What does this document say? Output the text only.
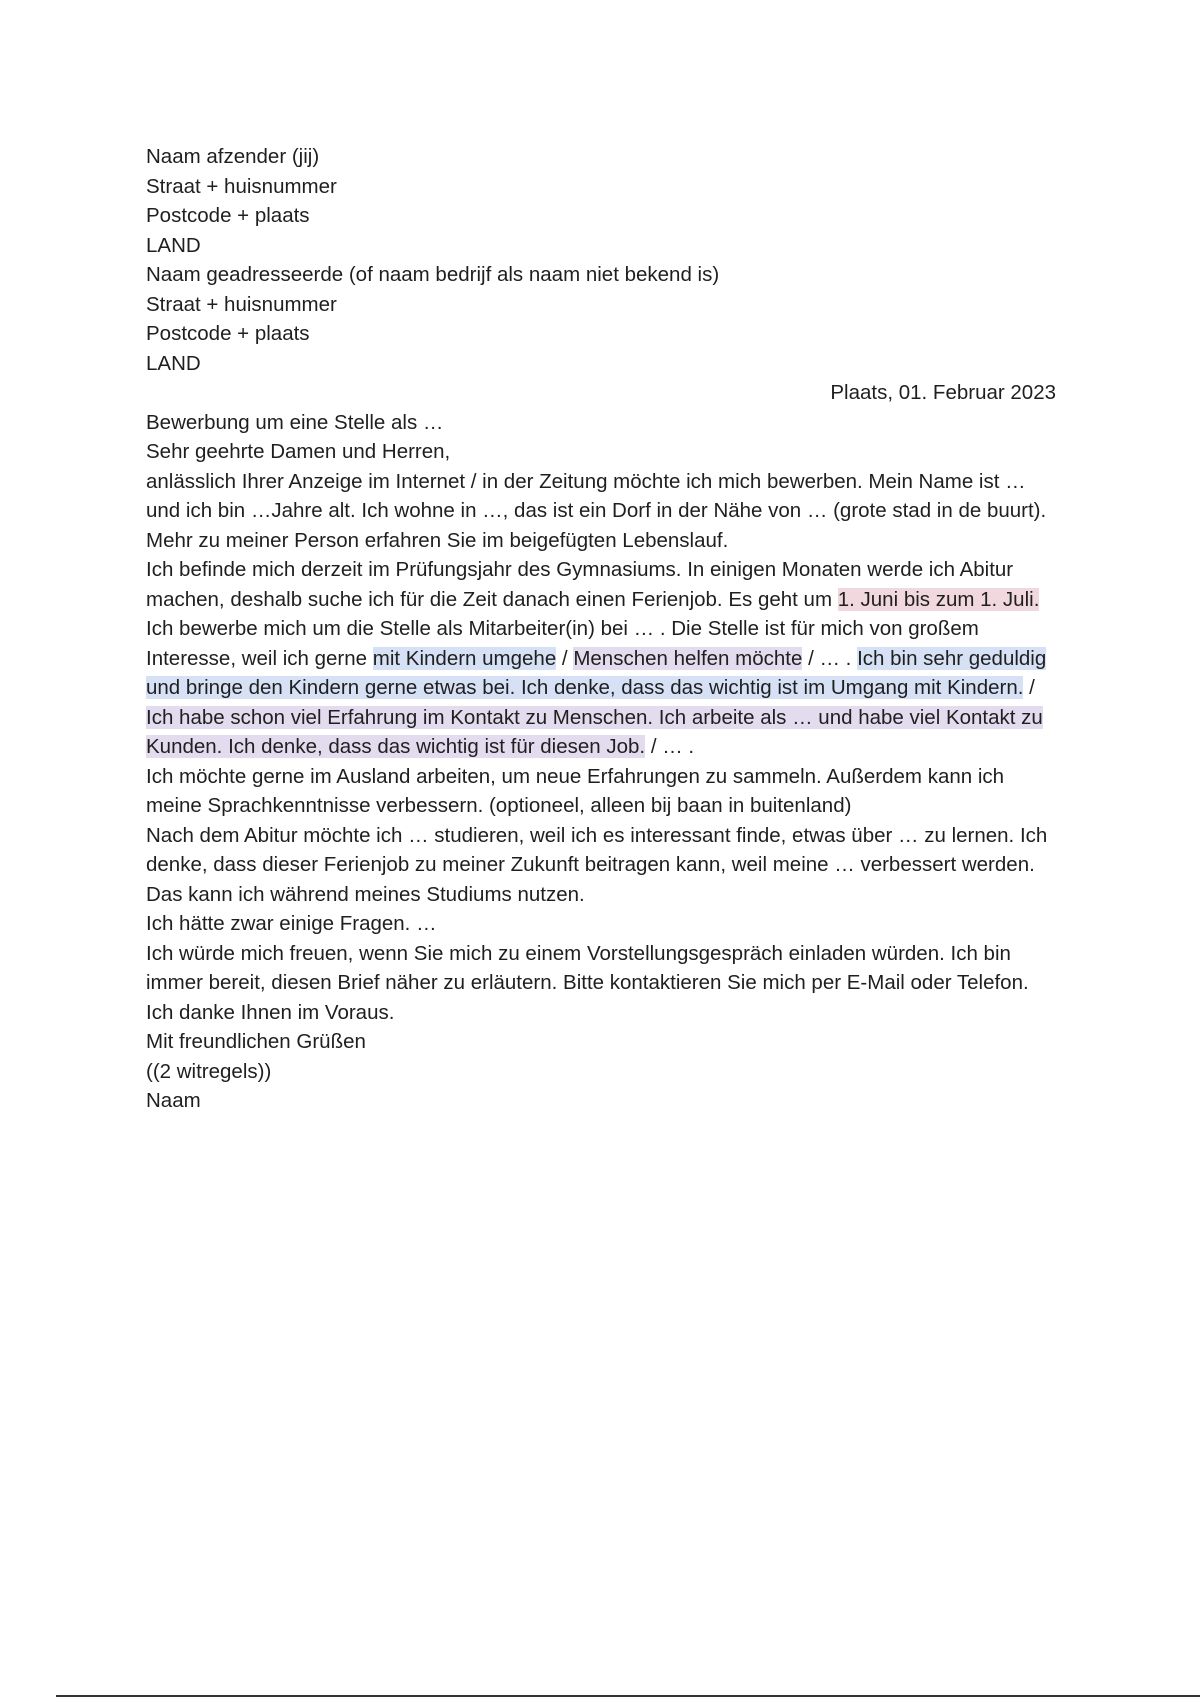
Naam afzender (jij)
Straat + huisnummer
Postcode + plaats
LAND

Naam geadresseerde (of naam bedrijf als naam niet bekend is)
Straat + huisnummer
Postcode + plaats
LAND

Plaats, 01. Februar 2023

Bewerbung um eine Stelle als …

Sehr geehrte Damen und Herren,

anlässlich Ihrer Anzeige im Internet / in der Zeitung möchte ich mich bewerben. Mein Name ist … und ich bin …Jahre alt. Ich wohne in …, das ist ein Dorf in der Nähe von … (grote stad in de buurt). Mehr zu meiner Person erfahren Sie im beigefügten Lebenslauf.

Ich befinde mich derzeit im Prüfungsjahr des Gymnasiums. In einigen Monaten werde ich Abitur machen, deshalb suche ich für die Zeit danach einen Ferienjob. Es geht um 1. Juni bis zum 1. Juli.

Ich bewerbe mich um die Stelle als Mitarbeiter(in) bei … . Die Stelle ist für mich von großem Interesse, weil ich gerne mit Kindern umgehe / Menschen helfen möchte / … . Ich bin sehr geduldig und bringe den Kindern gerne etwas bei. Ich denke, dass das wichtig ist im Umgang mit Kindern. / Ich habe schon viel Erfahrung im Kontakt zu Menschen. Ich arbeite als … und habe viel Kontakt zu Kunden. Ich denke, dass das wichtig ist für diesen Job. / … .

Ich möchte gerne im Ausland arbeiten, um neue Erfahrungen zu sammeln. Außerdem kann ich meine Sprachkenntnisse verbessern. (optioneel, alleen bij baan in buitenland)

Nach dem Abitur möchte ich … studieren, weil ich es interessant finde, etwas über … zu lernen. Ich denke, dass dieser Ferienjob zu meiner Zukunft beitragen kann, weil meine … verbessert werden. Das kann ich während meines Studiums nutzen.

Ich hätte zwar einige Fragen. …

Ich würde mich freuen, wenn Sie mich zu einem Vorstellungsgespräch einladen würden. Ich bin immer bereit, diesen Brief näher zu erläutern. Bitte kontaktieren Sie mich per E-Mail oder Telefon.

Ich danke Ihnen im Voraus.

Mit freundlichen Grüßen

((2 witregels))
Naam
